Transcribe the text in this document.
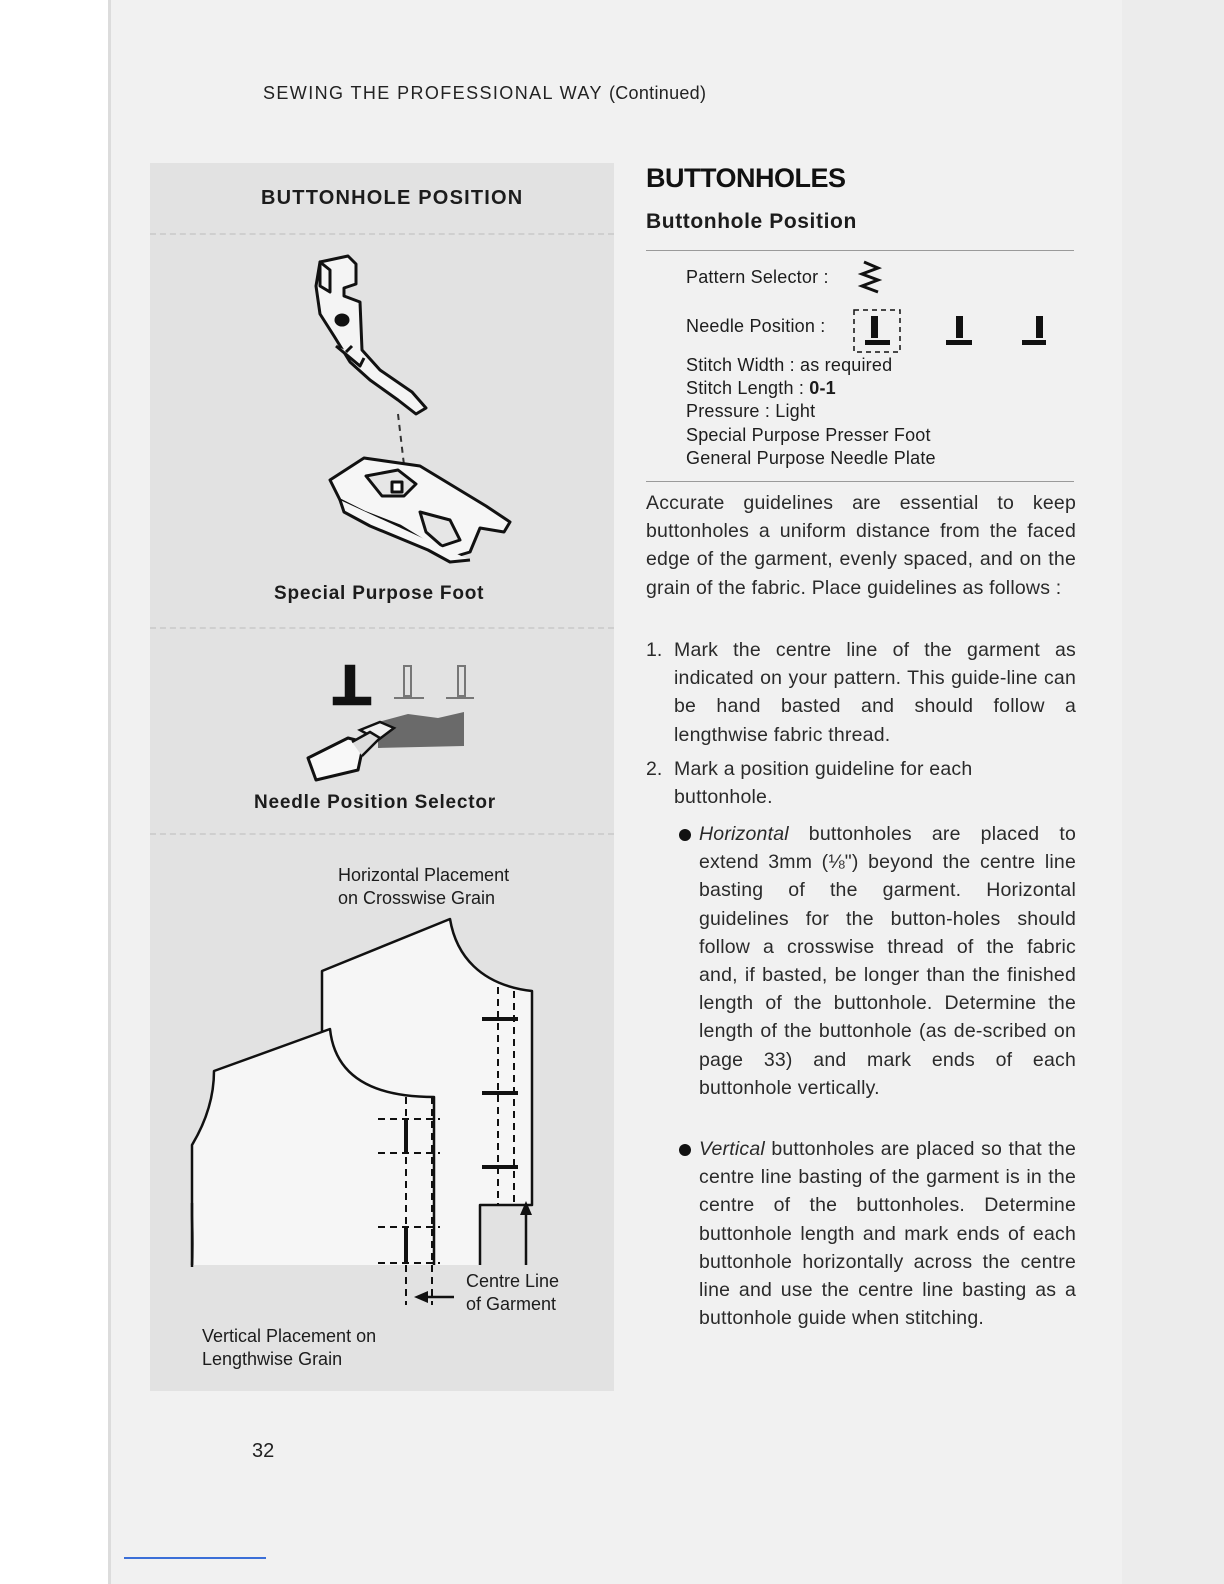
SEWING THE PROFESSIONAL WAY (Continued)
BUTTONHOLE POSITION
Special Purpose Foot
Needle Position Selector
Horizontal Placement
on Crosswise Grain
Centre Line
of Garment
Vertical Placement on
Lengthwise Grain
BUTTONHOLES
Buttonhole Position
Pattern Selector :
Needle Position :
Stitch Width : as required
Stitch Length : 0-1
Pressure : Light
Special Purpose Presser Foot
General Purpose Needle Plate
Accurate guidelines are essential to keep buttonholes a uniform distance from the faced edge of the garment, evenly spaced, and on the grain of the fabric. Place guidelines as follows :
1. Mark the centre line of the garment as indicated on your pattern. This guide-line can be hand basted and should follow a lengthwise fabric thread.
2. Mark a position guideline for each buttonhole.
Horizontal buttonholes are placed to extend 3mm (⅛") beyond the centre line basting of the garment. Horizontal guidelines for the button-holes should follow a crosswise thread of the fabric and, if basted, be longer than the finished length of the buttonhole. Determine the length of the buttonhole (as de-scribed on page 33) and mark ends of each buttonhole vertically.
Vertical buttonholes are placed so that the centre line basting of the garment is in the centre of the buttonholes. Determine buttonhole length and mark ends of each buttonhole horizontally across the centre line and use the centre line basting as a buttonhole guide when stitching.
32
